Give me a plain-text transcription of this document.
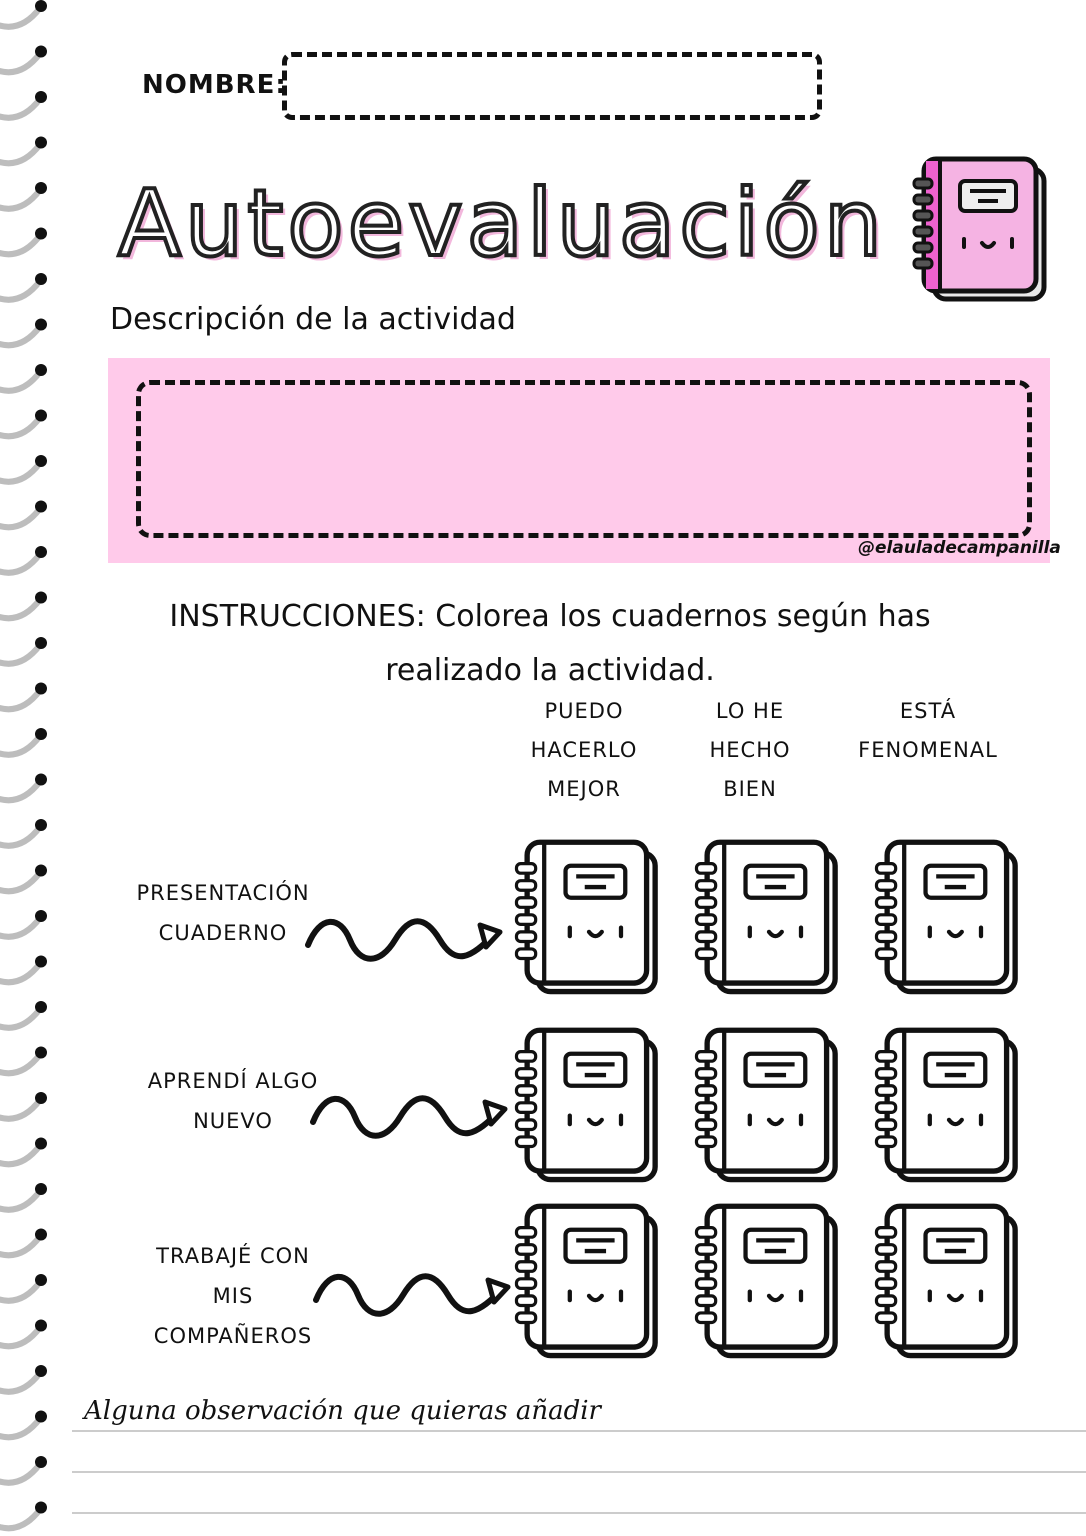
NOMBRE:
Autoevaluación
Descripción de la actividad
@elauladecampanilla
INSTRUCCIONES: Colorea los cuadernos según has
realizado la actividad.
PUEDO
HACERLO
MEJOR
LO HE
HECHO
BIEN
ESTÁ
FENOMENAL
PRESENTACIÓN
CUADERNO
APRENDÍ ALGO
NUEVO
TRABAJÉ CON
MIS
COMPAÑEROS
Alguna observación que quieras añadir
